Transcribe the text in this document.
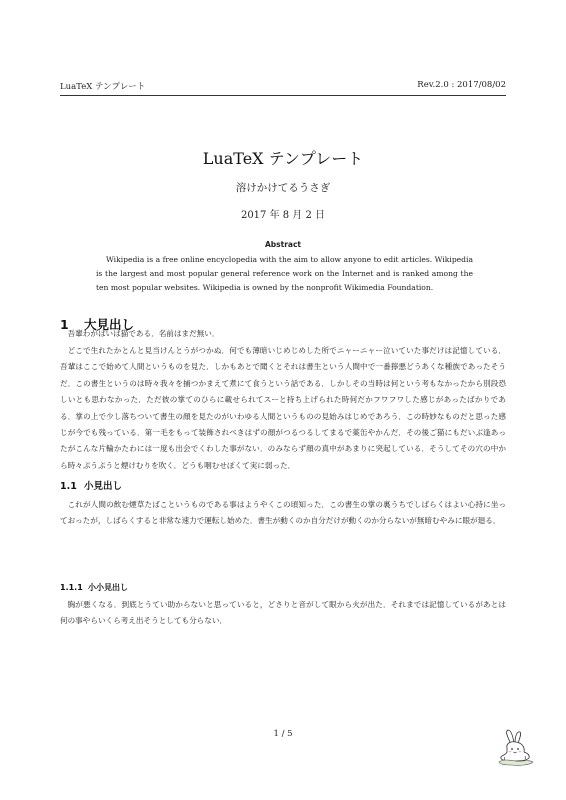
LuaTeX テンプレート	Rev.2.0 : 2017/08/02
LuaTeX テンプレート
溶けかけてるうさぎ
2017 年 8 月 2 日
Abstract

Wikipedia is a free online encyclopedia with the aim to allow anyone to edit articles. Wikipedia is the largest and most popular general reference work on the Internet and is ranked among the ten most popular websites. Wikipedia is owned by the nonprofit Wikimedia Foundation.

1 大見出し

吾輩わがはいは猫である．名前はまだ無い．

どこで生れたかとんと見当けんとうがつかぬ．何でも薄暗いじめじめした所でニャーニャー泣いていた事だけは記憶している．吾輩はここで始めて人間というものを見た．しかもあとで聞くとそれは書生という人間中で一番獰悪どうあくな種族であったそうだ．この書生というのは時々我々を捕つかまえて煮にて食うという話である．しかしその当時は何という考もなかったから別段恐しいとも思わなかった．ただ彼の掌てのひらに載せられてスーと持ち上げられた時何だかフワフワした感じがあったばかりである．掌の上で少し落ちついて書生の顔を見たのがいわゆる人間というものの見始みはじめであろう．この時妙なものだと思った感じが今でも残っている．第一毛をもって装飾されべきはずの顔がつるつるしてまるで薬缶やかんだ．その後ご猫にもだいぶ逢あったがこんな片輪かたわには一度も出会でくわした事がない．のみならず顔の真中があまりに突起している．そうしてその穴の中から時々ぷうぷうと煙けむりを吹く．どうも咽むせぽくて実に弱った．

1.1 小見出し

これが人間の飲む煙草たばこというものである事はようやくこの頃知った．この書生の掌の裏うちでしばらくはよい心持に坐っておったが，しばらくすると非常な速力で運転し始めた．書生が動くのか自分だけが動くのか分らないが無暗むやみに眼が廻る．

1.1.1 小小見出し

胸が悪くなる．到底とうてい助からないと思っていると，どさりと音がして眼から火が出た．それまでは記憶しているがあとは何の事やらいくら考え出そうとしても分らない．

1 / 5
